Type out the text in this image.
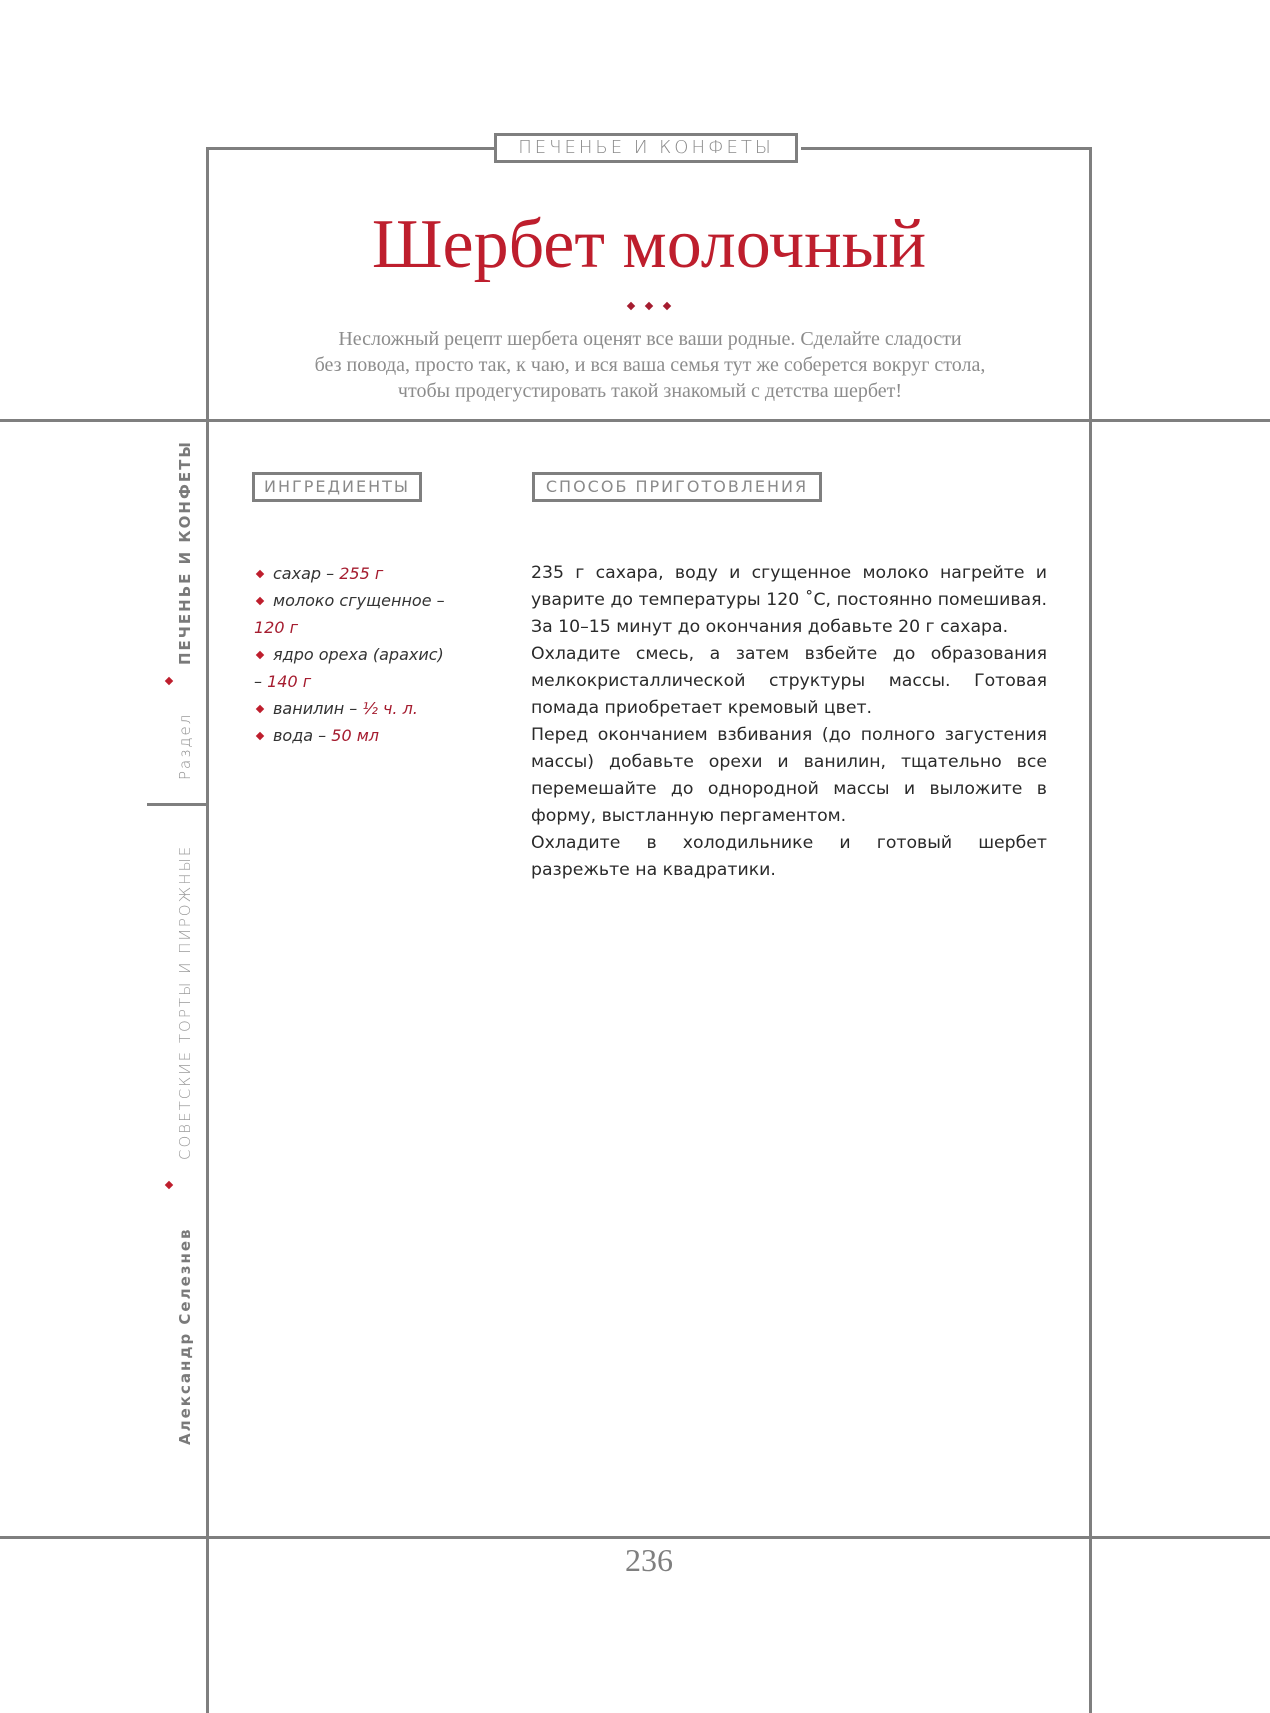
ПЕЧЕНЬЕ И КОНФЕТЫ
Шербет молочный
Несложный рецепт шербета оценят все ваши родные. Сделайте сладости
без повода, просто так, к чаю, и вся ваша семья тут же соберется вокруг стола,
чтобы продегустировать такой знакомый с детства шербет!
ИНГРЕДИЕНТЫ	СПОСОБ ПРИГОТОВЛЕНИЯ
сахар – 255 г
молоко сгущенное – 120 г
ядро ореха (арахис) – 140 г
ванилин – ½ ч. л.
вода – 50 мл

235 г сахара, воду и сгущенное молоко нагрейте и уварите до температуры 120 ˚С, постоянно помешивая. За 10–15 минут до окончания добавьте 20 г сахара.

Охладите смесь, а затем взбейте до образования мелкокристаллической структуры массы. Готовая помада приобретает кремовый цвет.

Перед окончанием взбивания (до полного загустения массы) добавьте орехи и ванилин, тщательно все перемешайте до однородной массы и выложите в форму, выстланную пергаментом.

Охладите в холодильнике и готовый шербет разрежьте на квадратики.

Раздел
ПЕЧЕНЬЕ И КОНФЕТЫ
СОВЕТСКИЕ ТОРТЫ И ПИРОЖНЫЕ
Александр Селезнев
236
